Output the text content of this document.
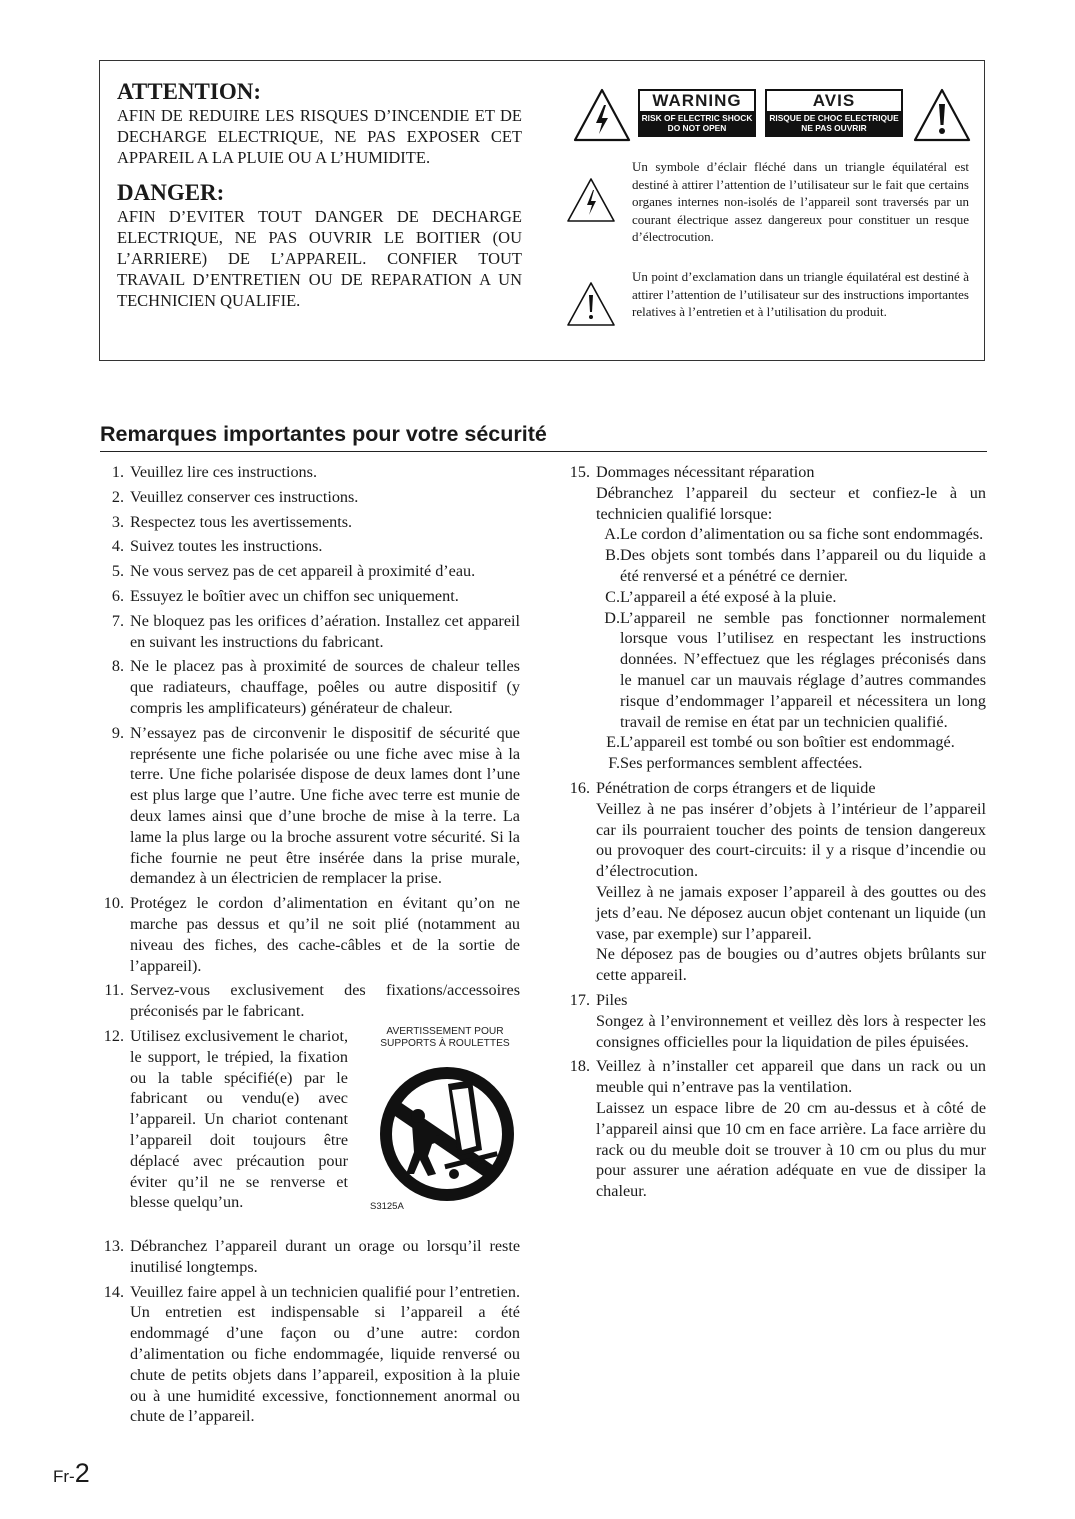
ATTENTION:

AFIN DE REDUIRE LES RISQUES D’INCENDIE ET DE DECHARGE ELECTRIQUE, NE PAS EXPOSER CET APPAREIL A LA PLUIE OU A L’HUMIDITE.

DANGER:

AFIN D’EVITER TOUT DANGER DE DECHARGE ELECTRIQUE, NE PAS OUVRIR LE BOITIER (OU L’ARRIERE) DE L’APPAREIL. CONFIER TOUT TRAVAIL D’ENTRETIEN OU DE REPARATION A UN TECHNICIEN QUALIFIE.

WARNING
RISK OF ELECTRIC SHOCK
DO NOT OPEN
AVIS
RISQUE DE CHOC ELECTRIQUE
NE PAS OUVRIR
Un symbole d’éclair fléché dans un triangle équilatéral est destiné à attirer l’attention de l’utilisateur sur le fait que certains organes internes non-isolés de l’appareil sont traversés par un courant électrique assez dangereux pour constituer un resque d’électrocution.
Un point d’exclamation dans un triangle équilatéral est destiné à attirer l’attention de l’utilisateur sur des instructions importantes relatives à l’entretien et à l’utilisation du produit.
Remarques importantes pour votre sécurité
1. Veuillez lire ces instructions.
2. Veuillez conserver ces instructions.
3. Respectez tous les avertissements.
4. Suivez toutes les instructions.
5. Ne vous servez pas de cet appareil à proximité d’eau.
6. Essuyez le boîtier avec un chiffon sec uniquement.
7. Ne bloquez pas les orifices d’aération. Installez cet appareil en suivant les instructions du fabricant.
8. Ne le placez pas à proximité de sources de chaleur telles que radiateurs, chauffage, poêles ou autre dispositif (y compris les amplificateurs) générateur de chaleur.
9. N’essayez pas de circonvenir le dispositif de sécurité que représente une fiche polarisée ou une fiche avec mise à la terre. Une fiche polarisée dispose de deux lames dont l’une est plus large que l’autre. Une fiche avec terre est munie de deux lames ainsi que d’une broche de mise à la terre. La lame la plus large ou la broche assurent votre sécurité. Si la fiche fournie ne peut être insérée dans la prise murale, demandez à un électricien de remplacer la prise.
10. Protégez le cordon d’alimentation en évitant qu’on ne marche pas dessus et qu’il ne soit plié (notamment au niveau des fiches, des cache-câbles et de la sortie de l’appareil).
11. Servez-vous exclusivement des fixations/accessoires préconisés par le fabricant.
12. Utilisez exclusivement le chariot, le support, le trépied, la fixation ou la table spécifié(e) par le fabricant ou vendu(e) avec l’appareil. Un chariot contenant l’appareil doit toujours être déplacé avec précaution pour éviter qu’il ne se renverse et blesse quelqu’un.
AVERTISSEMENT POUR
SUPPORTS À ROULETTES
S3125A
13. Débranchez l’appareil durant un orage ou lorsqu’il reste inutilisé longtemps.
14. Veuillez faire appel à un technicien qualifié pour l’entretien. Un entretien est indispensable si l’appareil a été endommagé d’une façon ou d’une autre: cordon d’alimentation ou fiche endommagée, liquide renversé ou chute de petits objets dans l’appareil, exposition à la pluie ou à une humidité excessive, fonctionnement anormal ou chute de l’appareil.
15. Dommages nécessitant réparation

Débranchez l’appareil du secteur et confiez-le à un technicien qualifié lorsque:

A. Le cordon d’alimentation ou sa fiche sont endommagés.
B. Des objets sont tombés dans l’appareil ou du liquide a été renversé et a pénétré ce dernier.
C. L’appareil a été exposé à la pluie.
D. L’appareil ne semble pas fonctionner normalement lorsque vous l’utilisez en respectant les instructions données. N’effectuez que les réglages préconisés dans le manuel car un mauvais réglage d’autres commandes risque d’endommager l’appareil et nécessitera un long travail de remise en état par un technicien qualifié.
E. L’appareil est tombé ou son boîtier est endommagé.
F. Ses performances semblent affectées.
16. Pénétration de corps étrangers et de liquide

Veillez à ne pas insérer d’objets à l’intérieur de l’appareil car ils pourraient toucher des points de tension dangereux ou provoquer des court-circuits: il y a risque d’incendie ou d’électrocution.

Veillez à ne jamais exposer l’appareil à des gouttes ou des jets d’eau. Ne déposez aucun objet contenant un liquide (un vase, par exemple) sur l’appareil.

Ne déposez pas de bougies ou d’autres objets brûlants sur cette appareil.

17. Piles

Songez à l’environnement et veillez dès lors à respecter les consignes officielles pour la liquidation de piles épuisées.

18. Veillez à n’installer cet appareil que dans un rack ou un meuble qui n’entrave pas la ventilation.

Laissez un espace libre de 20 cm au-dessus et à côté de l’appareil ainsi que 10 cm en face arrière. La face arrière du rack ou du meuble doit se trouver à 10 cm ou plus du mur pour assurer une aération adéquate en vue de dissiper la chaleur.

Fr-2
